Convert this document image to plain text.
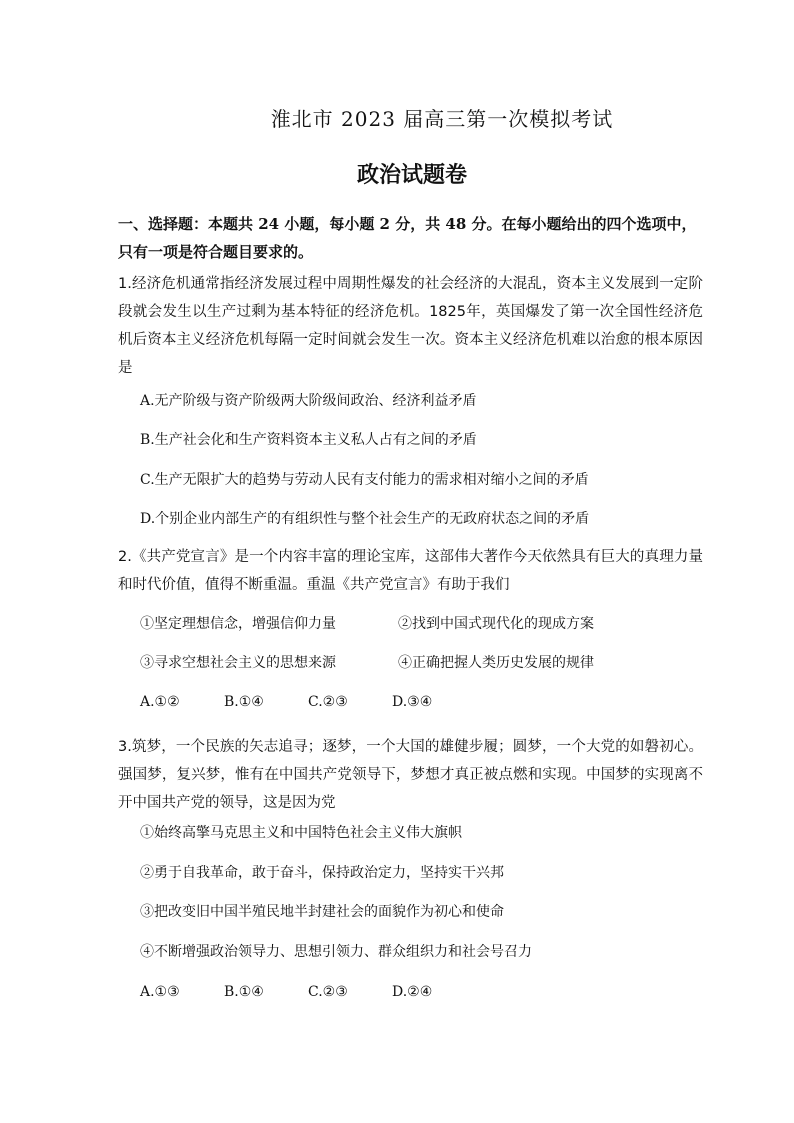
淮北市 2023 届高三第一次模拟考试
政治试题卷
一、选择题：本题共 24 小题，每小题 2 分，共 48 分。在每小题给出的四个选项中，只有一项是符合题目要求的。
1.经济危机通常指经济发展过程中周期性爆发的社会经济的大混乱，资本主义发展到一定阶段就会发生以生产过剩为基本特征的经济危机。1825年，英国爆发了第一次全国性经济危机后资本主义经济危机每隔一定时间就会发生一次。资本主义经济危机难以治愈的根本原因是
A.无产阶级与资产阶级两大阶级间政治、经济利益矛盾
B.生产社会化和生产资料资本主义私人占有之间的矛盾
C.生产无限扩大的趋势与劳动人民有支付能力的需求相对缩小之间的矛盾
D.个别企业内部生产的有组织性与整个社会生产的无政府状态之间的矛盾
2.《共产党宣言》是一个内容丰富的理论宝库，这部伟大著作今天依然具有巨大的真理力量和时代价值，值得不断重温。重温《共产党宣言》有助于我们
①坚定理想信念，增强信仰力量	②找到中国式现代化的现成方案
③寻求空想社会主义的思想来源	④正确把握人类历史发展的规律
A.①②	B.①④	C.②③	D.③④
3.筑梦，一个民族的矢志追寻；逐梦，一个大国的雄健步履；圆梦，一个大党的如磐初心。强国梦，复兴梦，惟有在中国共产党领导下，梦想才真正被点燃和实现。中国梦的实现离不开中国共产党的领导，这是因为党
①始终高擎马克思主义和中国特色社会主义伟大旗帜
②勇于自我革命，敢于奋斗，保持政治定力，坚持实干兴邦
③把改变旧中国半殖民地半封建社会的面貌作为初心和使命
④不断增强政治领导力、思想引领力、群众组织力和社会号召力
A.①③	B.①④	C.②③	D.②④
